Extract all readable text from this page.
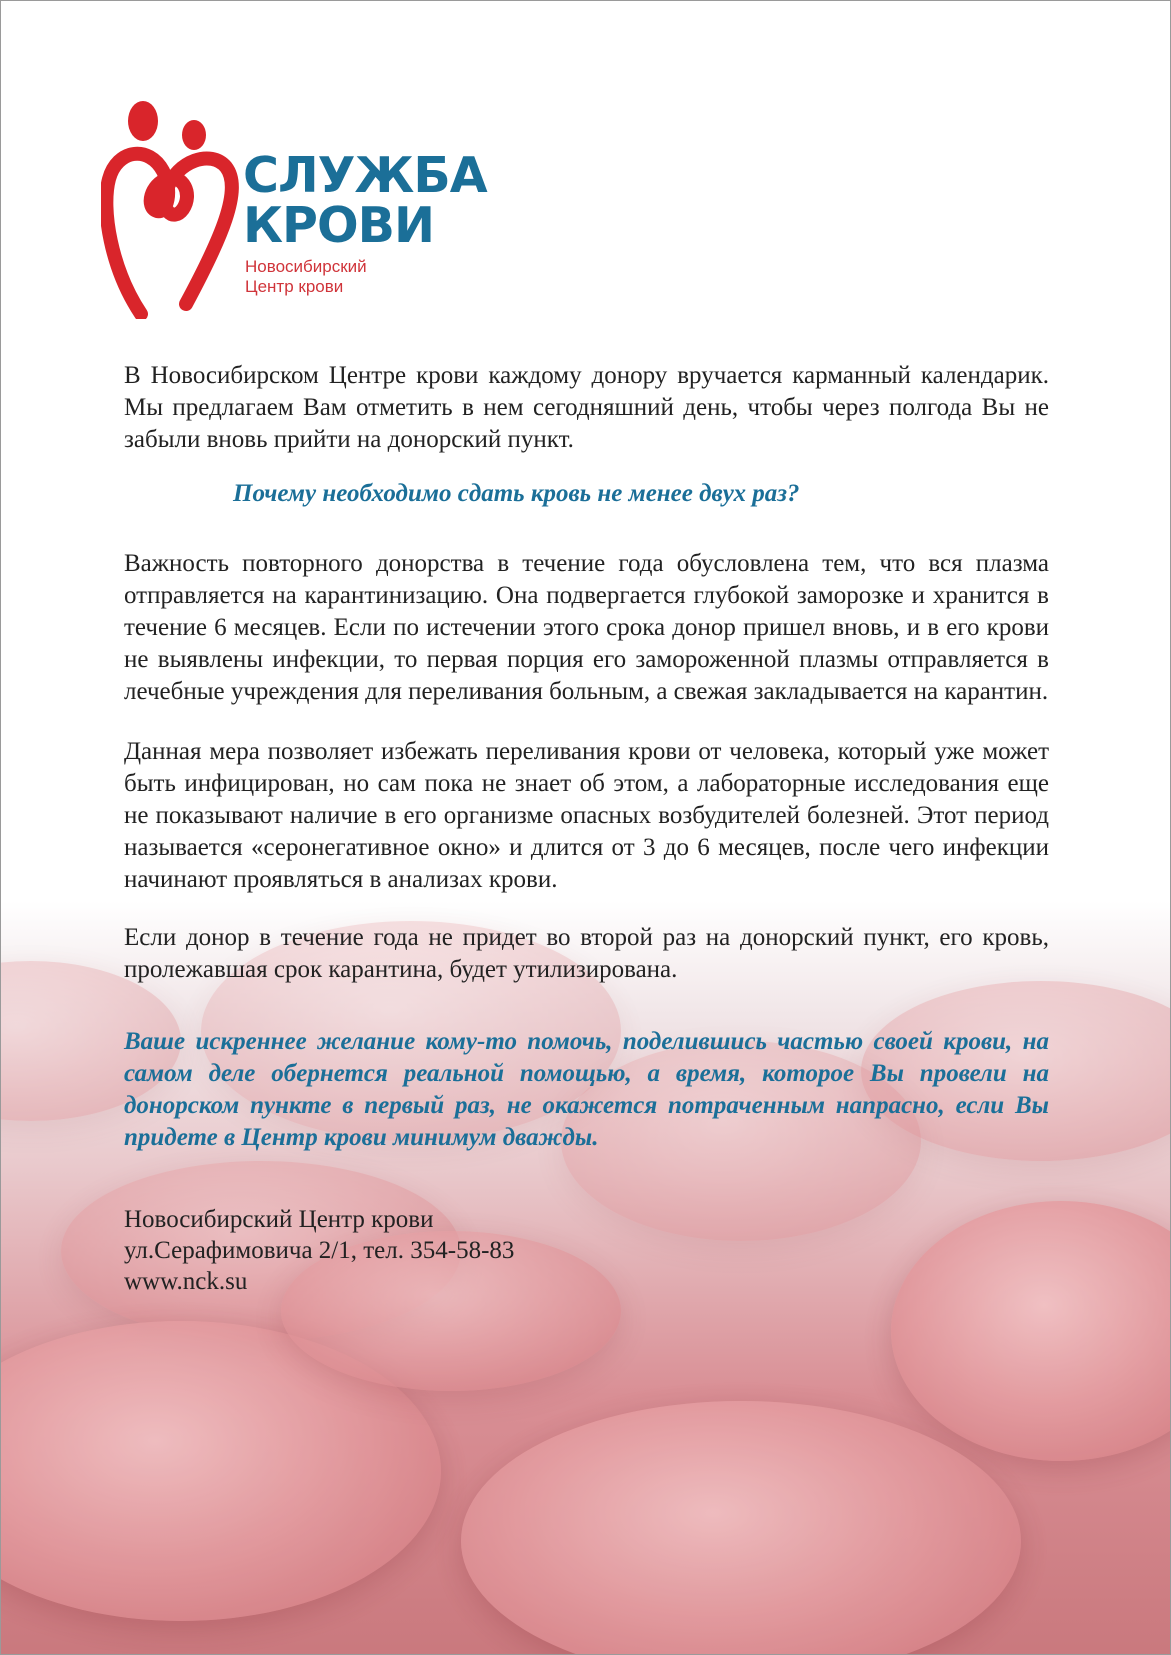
СЛУЖБА
КРОВИ
Новосибирский
Центр крови

В Новосибирском Центре крови каждому донору вручается карманный календарик. Мы предлагаем Вам отметить в нем сегодняшний день, чтобы через полгода Вы не забыли вновь прийти на донорский пункт.

Почему необходимо сдать кровь не менее двух раз?

Важность повторного донорства в течение года обусловлена тем, что вся плазма отправляется на карантинизацию. Она подвергается глубокой заморозке и хранится в течение 6 месяцев. Если по истечении этого срока донор пришел вновь, и в его крови не выявлены инфекции, то первая порция его замороженной плазмы отправляется в лечебные учреждения для переливания больным, а свежая закладывается на карантин.

Данная мера позволяет избежать переливания крови от человека, который уже может быть инфицирован, но сам пока не знает об этом, а лабораторные исследования еще не показывают наличие в его организме опасных возбудителей болезней. Этот период называется «серонегативное окно» и длится от 3 до 6 месяцев, после чего инфекции начинают проявляться в анализах крови.

Если донор в течение года не придет во второй раз на донорский пункт, его кровь, пролежавшая срок карантина, будет утилизирована.

Ваше искреннее желание кому-то помочь, поделившись частью своей крови, на самом деле обернется реальной помощью, а время, которое Вы провели на донорском пункте в первый раз, не окажется потраченным напрасно, если Вы придете в Центр крови минимум дважды.

Новосибирский Центр крови
ул.Серафимовича 2/1, тел. 354-58-83
www.nck.su
